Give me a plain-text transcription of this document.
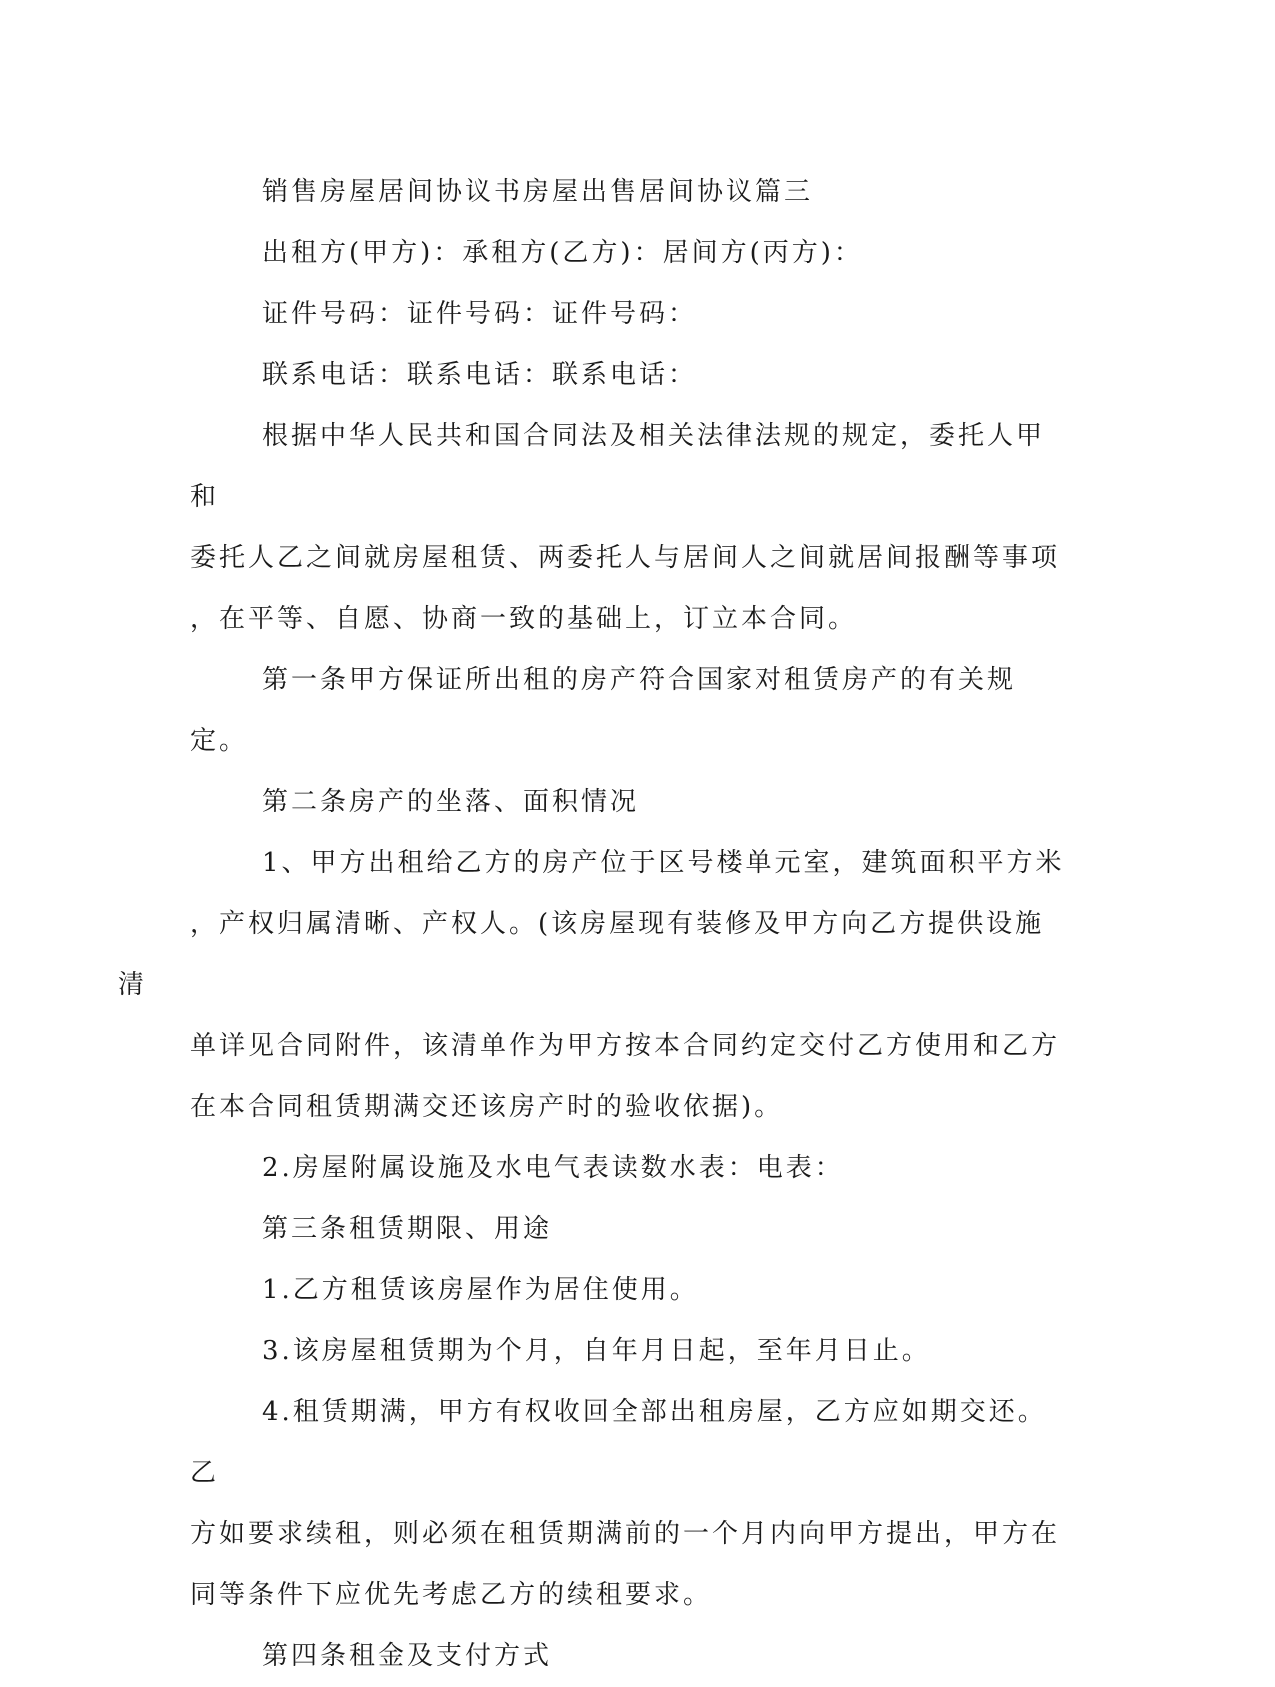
销售房屋居间协议书房屋出售居间协议篇三

出租方(甲方)：承租方(乙方)：居间方(丙方)：

证件号码：证件号码：证件号码：

联系电话：联系电话：联系电话：

根据中华人民共和国合同法及相关法律法规的规定，委托人甲和
委托人乙之间就房屋租赁、两委托人与居间人之间就居间报酬等事项
，在平等、自愿、协商一致的基础上，订立本合同。

第一条甲方保证所出租的房产符合国家对租赁房产的有关规定。

第二条房产的坐落、面积情况

1、甲方出租给乙方的房产位于区号楼单元室，建筑面积平方米
，产权归属清晰、产权人。(该房屋现有装修及甲方向乙方提供设施清
单详见合同附件，该清单作为甲方按本合同约定交付乙方使用和乙方
在本合同租赁期满交还该房产时的验收依据)。

2.房屋附属设施及水电气表读数水表：电表：

第三条租赁期限、用途

1.乙方租赁该房屋作为居住使用。

3.该房屋租赁期为个月，自年月日起，至年月日止。

4.租赁期满，甲方有权收回全部出租房屋，乙方应如期交还。乙
方如要求续租，则必须在租赁期满前的一个月内向甲方提出，甲方在
同等条件下应优先考虑乙方的续租要求。

第四条租金及支付方式
